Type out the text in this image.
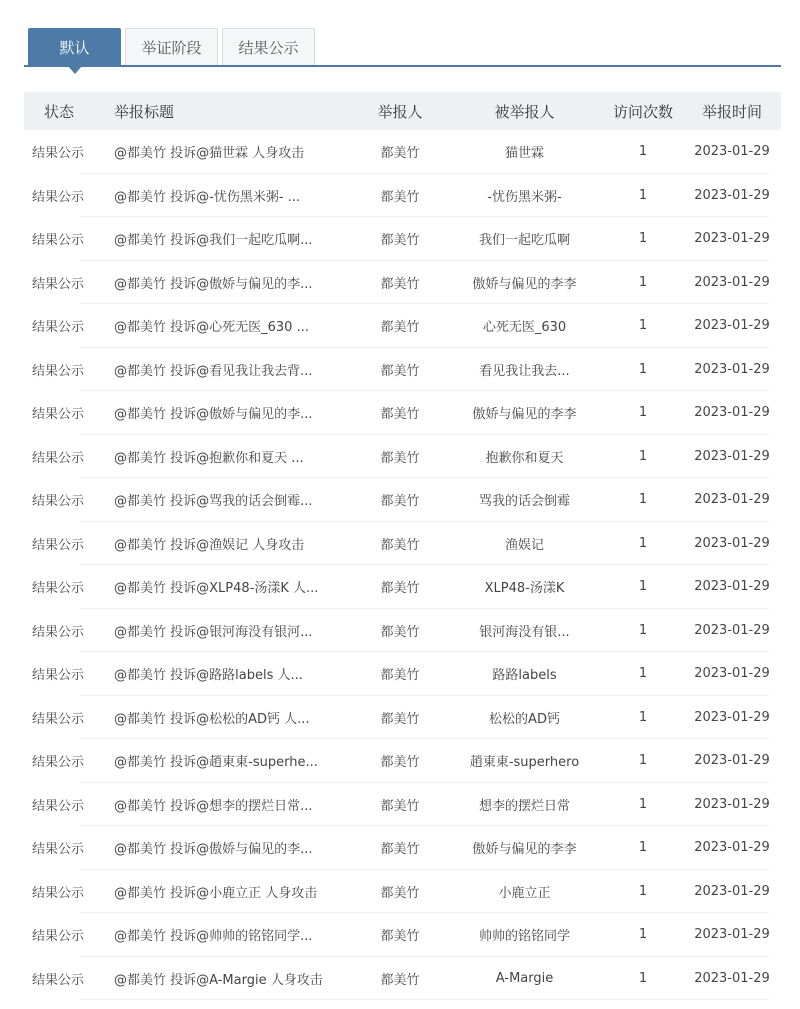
默认	举证阶段	结果公示
状态	举报标题	举报人	被举报人	访问次数	举报时间
结果公示	@都美竹 投诉@猫世霖 人身攻击	都美竹	猫世霖	1	2023-01-29
结果公示	@都美竹 投诉@-忧伤黑米粥- ...	都美竹	-忧伤黑米粥-	1	2023-01-29
结果公示	@都美竹 投诉@我们一起吃瓜啊...	都美竹	我们一起吃瓜啊	1	2023-01-29
结果公示	@都美竹 投诉@傲娇与偏见的李...	都美竹	傲娇与偏见的李李	1	2023-01-29
结果公示	@都美竹 投诉@心死无医_630 ...	都美竹	心死无医_630	1	2023-01-29
结果公示	@都美竹 投诉@看见我让我去背...	都美竹	看见我让我去...	1	2023-01-29
结果公示	@都美竹 投诉@傲娇与偏见的李...	都美竹	傲娇与偏见的李李	1	2023-01-29
结果公示	@都美竹 投诉@抱歉你和夏天 ...	都美竹	抱歉你和夏天	1	2023-01-29
结果公示	@都美竹 投诉@骂我的话会倒霉...	都美竹	骂我的话会倒霉	1	2023-01-29
结果公示	@都美竹 投诉@渔娱记 人身攻击	都美竹	渔娱记	1	2023-01-29
结果公示	@都美竹 投诉@XLP48-汤漾K 人...	都美竹	XLP48-汤漾K	1	2023-01-29
结果公示	@都美竹 投诉@银河海没有银河...	都美竹	银河海没有银...	1	2023-01-29
结果公示	@都美竹 投诉@路路labels 人...	都美竹	路路labels	1	2023-01-29
结果公示	@都美竹 投诉@松松的AD钙 人...	都美竹	松松的AD钙	1	2023-01-29
结果公示	@都美竹 投诉@趙東東-superhe...	都美竹	趙東東-superhero	1	2023-01-29
结果公示	@都美竹 投诉@想李的摆烂日常...	都美竹	想李的摆烂日常	1	2023-01-29
结果公示	@都美竹 投诉@傲娇与偏见的李...	都美竹	傲娇与偏见的李李	1	2023-01-29
结果公示	@都美竹 投诉@小鹿立正 人身攻击	都美竹	小鹿立正	1	2023-01-29
结果公示	@都美竹 投诉@帅帅的铭铭同学...	都美竹	帅帅的铭铭同学	1	2023-01-29
结果公示	@都美竹 投诉@A-Margie 人身攻击	都美竹	A-Margie	1	2023-01-29
